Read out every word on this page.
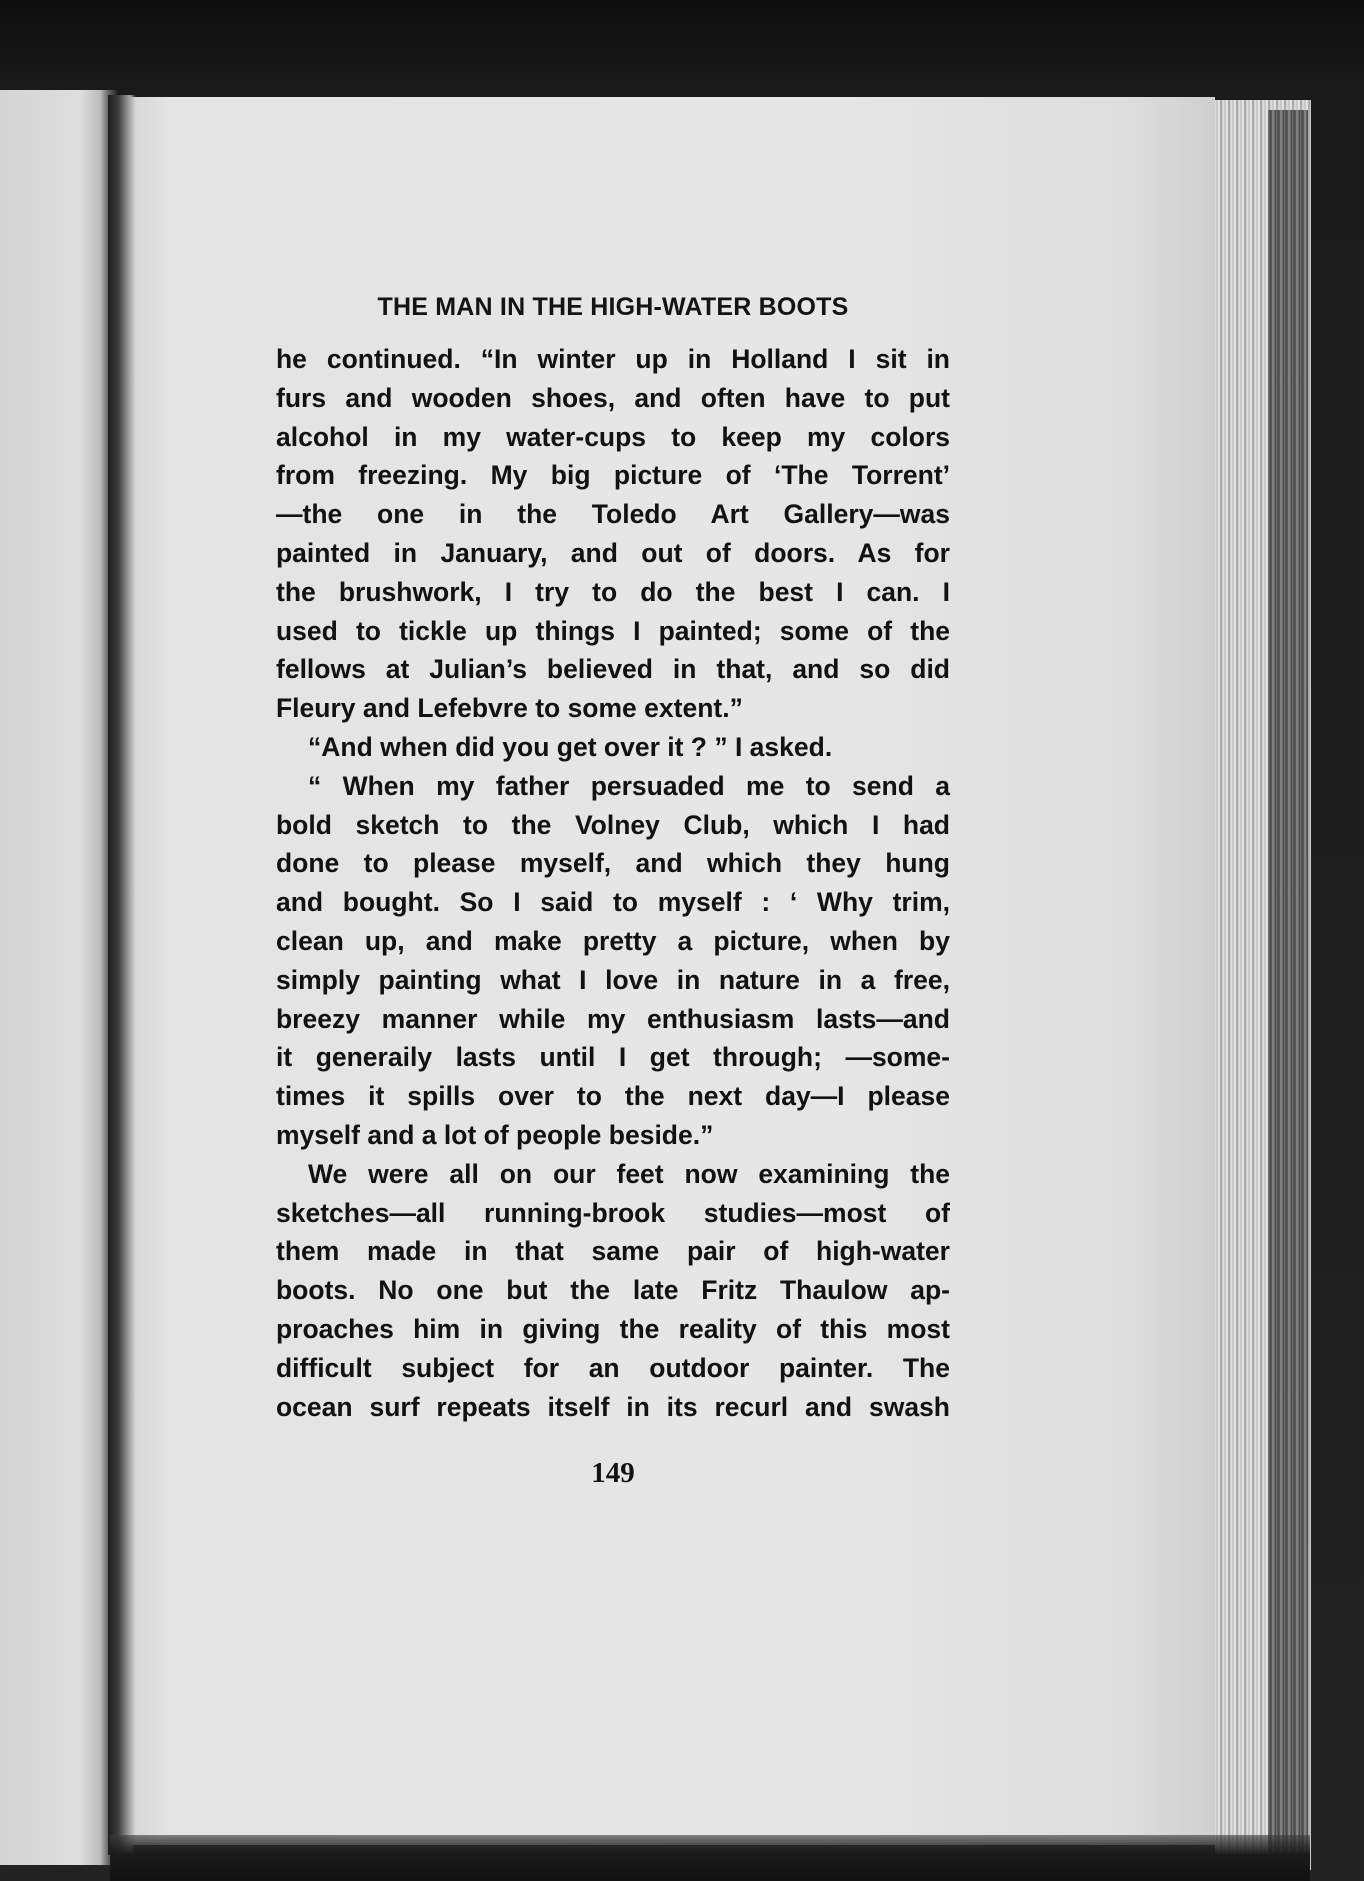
THE MAN IN THE HIGH-WATER BOOTS
he continued. “In winter up in Holland I sit in
furs and wooden shoes, and often have to put
alcohol in my water-cups to keep my colors
from freezing. My big picture of ‘The Torrent’
—the one in the Toledo Art Gallery—was
painted in January, and out of doors. As for
the brushwork, I try to do the best I can. I
used to tickle up things I painted; some of the
fellows at Julian’s believed in that, and so did
Fleury and Lefebvre to some extent.”
“And when did you get over it ? ” I asked.
“ When my father persuaded me to send a
bold sketch to the Volney Club, which I had
done to please myself, and which they hung
and bought. So I said to myself : ‘ Why trim,
clean up, and make pretty a picture, when by
simply painting what I love in nature in a free,
breezy manner while my enthusiasm lasts—and
it generaily lasts until I get through; —some-
times it spills over to the next day—I please
myself and a lot of people beside.”
We were all on our feet now examining the
sketches—all running-brook studies—most of
them made in that same pair of high-water
boots. No one but the late Fritz Thaulow ap-
proaches him in giving the reality of this most
difficult subject for an outdoor painter. The
ocean surf repeats itself in its recurl and swash
149
